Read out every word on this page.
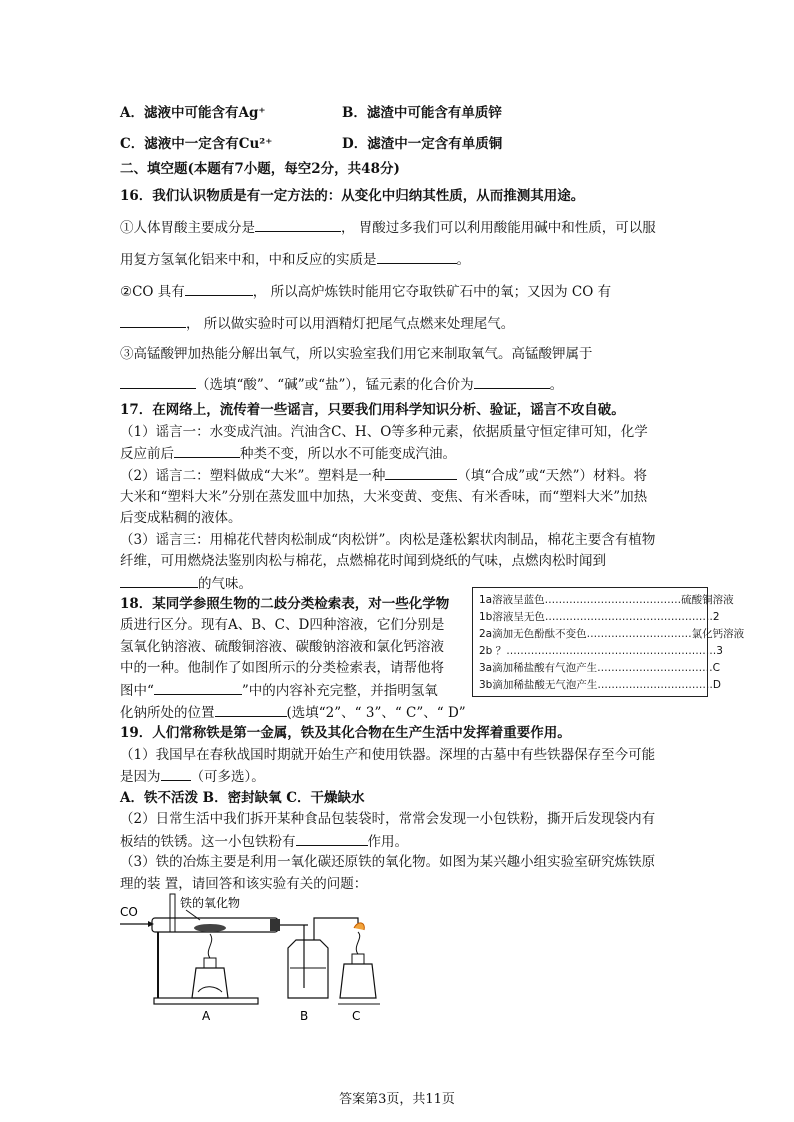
A．滤液中可能含有Ag⁺	B．滤渣中可能含有单质锌
C．滤液中一定含有Cu²⁺	D．滤渣中一定含有单质铜
二、填空题(本题有7小题，每空2分，共48分)
16．我们认识物质是有一定方法的：从变化中归纳其性质，从而推测其用途。
①人体胃酸主要成分是	， 胃酸过多我们可以利用酸能用碱中和性质，可以服
用复方氢氧化铝来中和，中和反应的实质是	。
②CO 具有	， 所以高炉炼铁时能用它夺取铁矿石中的氧；又因为 CO 有
， 所以做实验时可以用酒精灯把尾气点燃来处理尾气。
③高锰酸钾加热能分解出氧气，所以实验室我们用它来制取氧气。高锰酸钾属于
（选填“酸”、“碱”或“盐”），锰元素的化合价为	。
17．在网络上，流传着一些谣言，只要我们用科学知识分析、验证，谣言不攻自破。
（1）谣言一：水变成汽油。汽油含C、H、O等多种元素，依据质量守恒定律可知，化学
反应前后	种类不变，所以水不可能变成汽油。
（2）谣言二：塑料做成“大米”。塑料是一种	（填“合成”或“天然”）材料。将
大米和“塑料大米”分别在蒸发皿中加热，大米变黄、变焦、有米香味，而“塑料大米”加热
后变成粘稠的液体。
（3）谣言三：用棉花代替肉松制成“肉松饼”。肉松是蓬松絮状肉制品，棉花主要含有植物
纤维，可用燃烧法鉴别肉松与棉花，点燃棉花时闻到烧纸的气味，点燃肉松时闻到
的气味。
18．某同学参照生物的二歧分类检索表，对一些化学物
质进行区分。现有A、B、C、D四种溶液，它们分别是
氢氧化钠溶液、硫酸铜溶液、碳酸钠溶液和氯化钙溶液
中的一种。他制作了如图所示的分类检索表，请帮他将
图中“	”中的内容补充完整，并指明氢氧
化钠所处的位置	(选填“2”、“ 3”、“ C”、“ D”
1a溶液呈蓝色 ………………………………… 硫酸铜溶液
1b溶液呈无色 ………………………………………… 2
2a滴加无色酚酞不变色 ………………………… 氯化钙溶液
2b ？ …………………………………………………… 3
3a滴加稀盐酸有气泡产生 …………………………… C
3b滴加稀盐酸无气泡产生 …………………………… D
19．人们常称铁是第一金属，铁及其化合物在生产生活中发挥着重要作用。
（1）我国早在春秋战国时期就开始生产和使用铁器。深埋的古墓中有些铁器保存至今可能
是因为 （可多选）。
A．铁不活泼 B．密封缺氧 C．干燥缺水
（2）日常生活中我们拆开某种食品包装袋时，常常会发现一小包铁粉，撕开后发现袋内有
板结的铁锈。这一小包铁粉有	作用。
（3）铁的冶炼主要是利用一氧化碳还原铁的氧化物。如图为某兴趣小组实验室研究炼铁原
理的装 置，请回答和该实验有关的问题：
CO
铁的氧化物
A	B	C
答案第3页，共11页
